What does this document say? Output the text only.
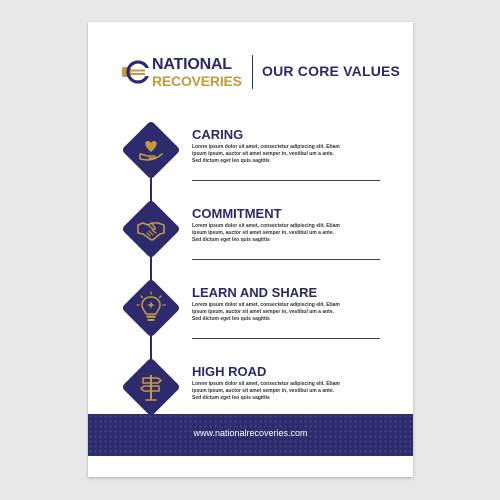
NATIONAL
RECOVERIES
OUR CORE VALUES
CARING
Lorem ipsum dolor sit amet, consectetur adipiscing elit. Etiam ipsum ipsum, auctor sit amet semper in, vestibul um a ante. Sed dictum eget leo quis sagittis
COMMITMENT
Lorem ipsum dolor sit amet, consectetur adipiscing elit. Etiam ipsum ipsum, auctor sit amet semper in, vestibul um a ante. Sed dictum eget leo quis sagittis
LEARN AND SHARE
Lorem ipsum dolor sit amet, consectetur adipiscing elit. Etiam ipsum ipsum, auctor sit amet semper in, vestibul um a ante. Sed dictum eget leo quis sagittis
HIGH ROAD
Lorem ipsum dolor sit amet, consectetur adipiscing elit. Etiam ipsum ipsum, auctor sit amet semper in, vestibul um a ante. Sed dictum eget leo quis sagittis
www.nationalrecoveries.com
